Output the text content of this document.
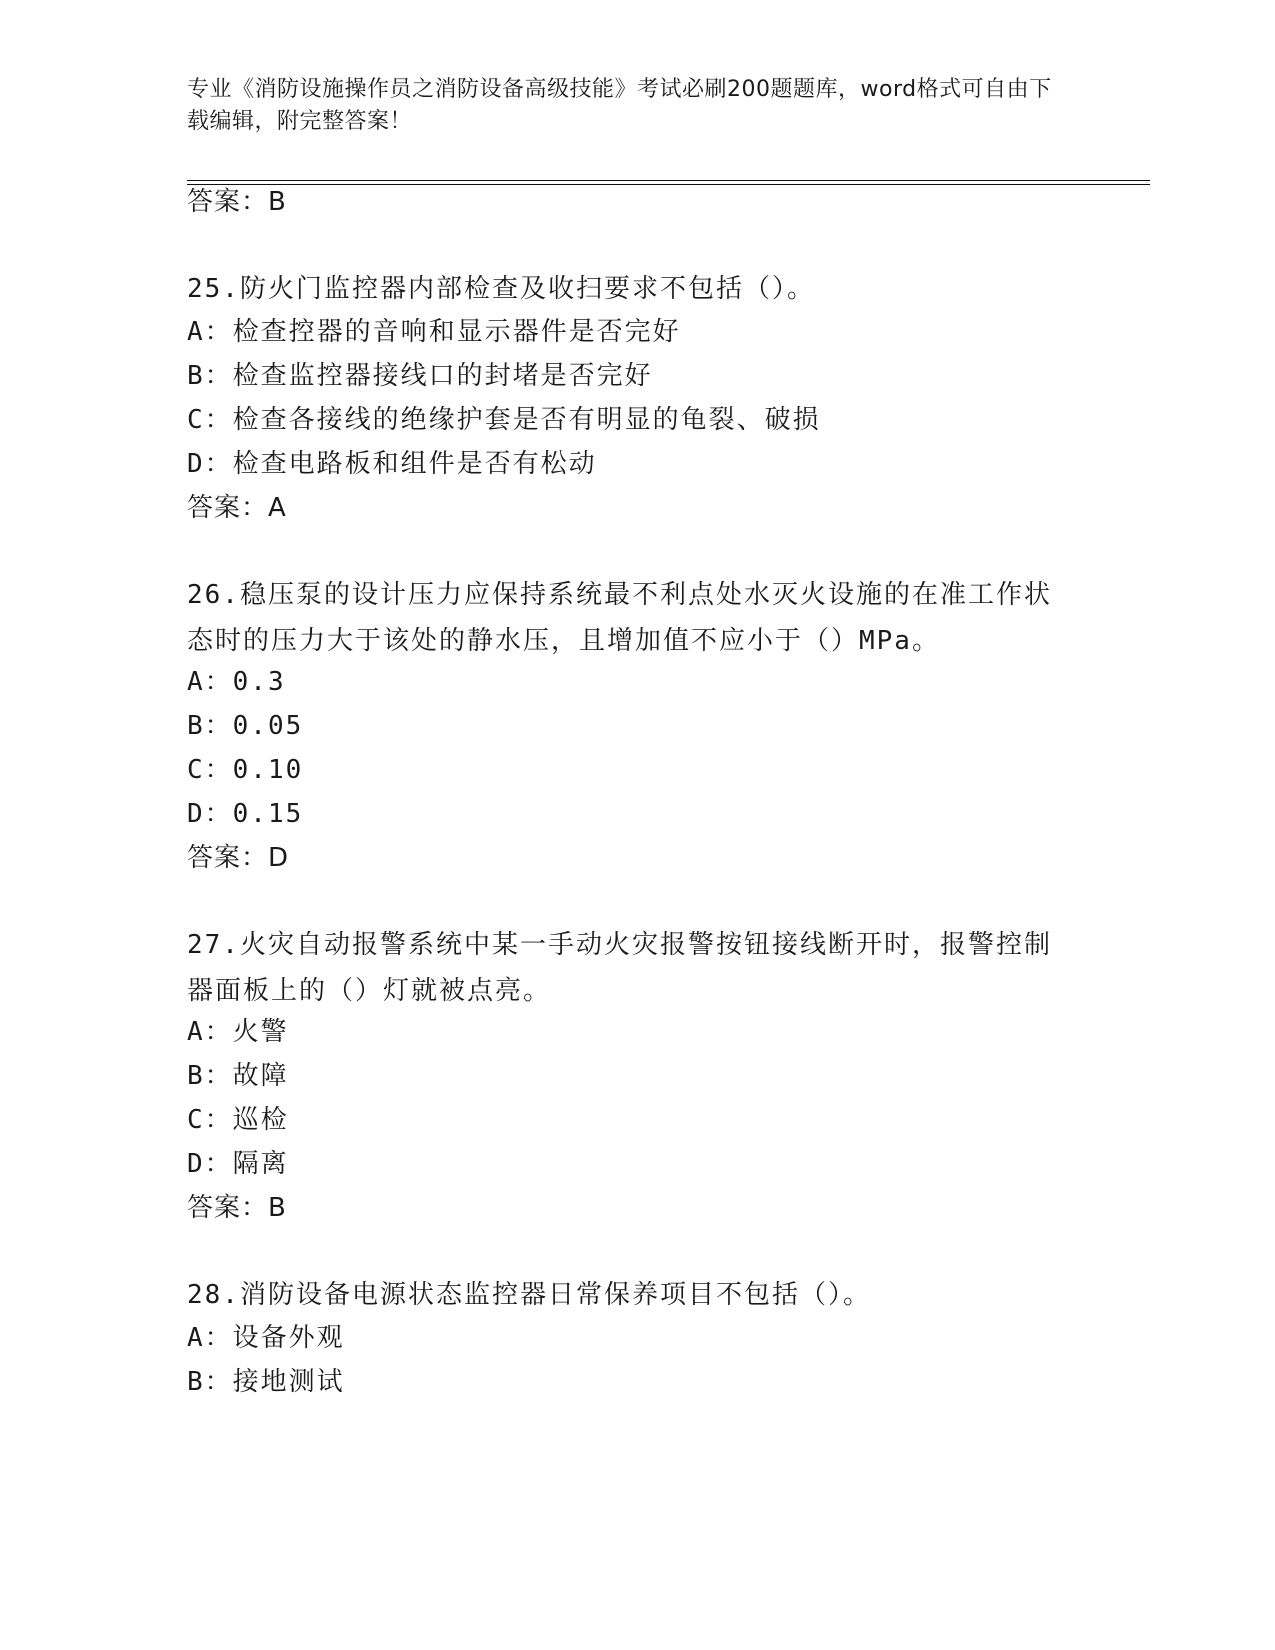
专业《消防设施操作员之消防设备高级技能》考试必刷200题题库，word格式可自由下载编辑，附完整答案！
答案：B
25.防火门监控器内部检查及收扫要求不包括（）。
A：检查控器的音响和显示器件是否完好
B：检查监控器接线口的封堵是否完好
C：检查各接线的绝缘护套是否有明显的龟裂、破损
D：检查电路板和组件是否有松动
答案：A
26.稳压泵的设计压力应保持系统最不利点处水灭火设施的在准工作状态时的压力大于该处的静水压，且增加值不应小于（）MPa。
A：0.3
B：0.05
C：0.10
D：0.15
答案：D
27.火灾自动报警系统中某一手动火灾报警按钮接线断开时，报警控制器面板上的（）灯就被点亮。
A：火警
B：故障
C：巡检
D：隔离
答案：B
28.消防设备电源状态监控器日常保养项目不包括（）。
A：设备外观
B：接地测试
